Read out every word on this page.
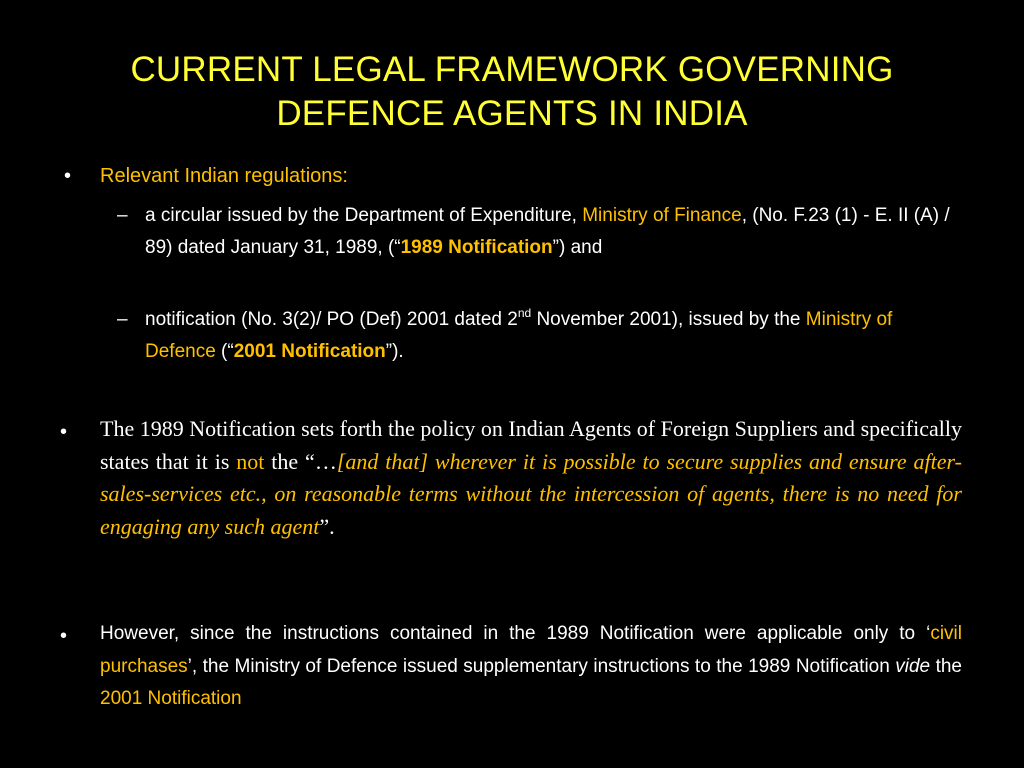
CURRENT LEGAL FRAMEWORK GOVERNING
DEFENCE AGENTS IN INDIA
•	Relevant Indian regulations:
– a circular issued by the Department of Expenditure, Ministry of Finance, (No. F.23 (1) - E. II (A) / 89) dated January 31, 1989, (“1989 Notification”) and
– notification (No. 3(2)/ PO (Def) 2001 dated 2nd November 2001), issued by the Ministry of Defence (“2001 Notification”).
• The 1989 Notification sets forth the policy on Indian Agents of Foreign Suppliers and specifically states that it is not the “…[and that] wherever it is possible to secure supplies and ensure after-sales-services etc., on reasonable terms without the intercession of agents, there is no need for engaging any such agent”.
• However, since the instructions contained in the 1989 Notification were applicable only to ‘civil purchases’, the Ministry of Defence issued supplementary instructions to the 1989 Notification vide the 2001 Notification
